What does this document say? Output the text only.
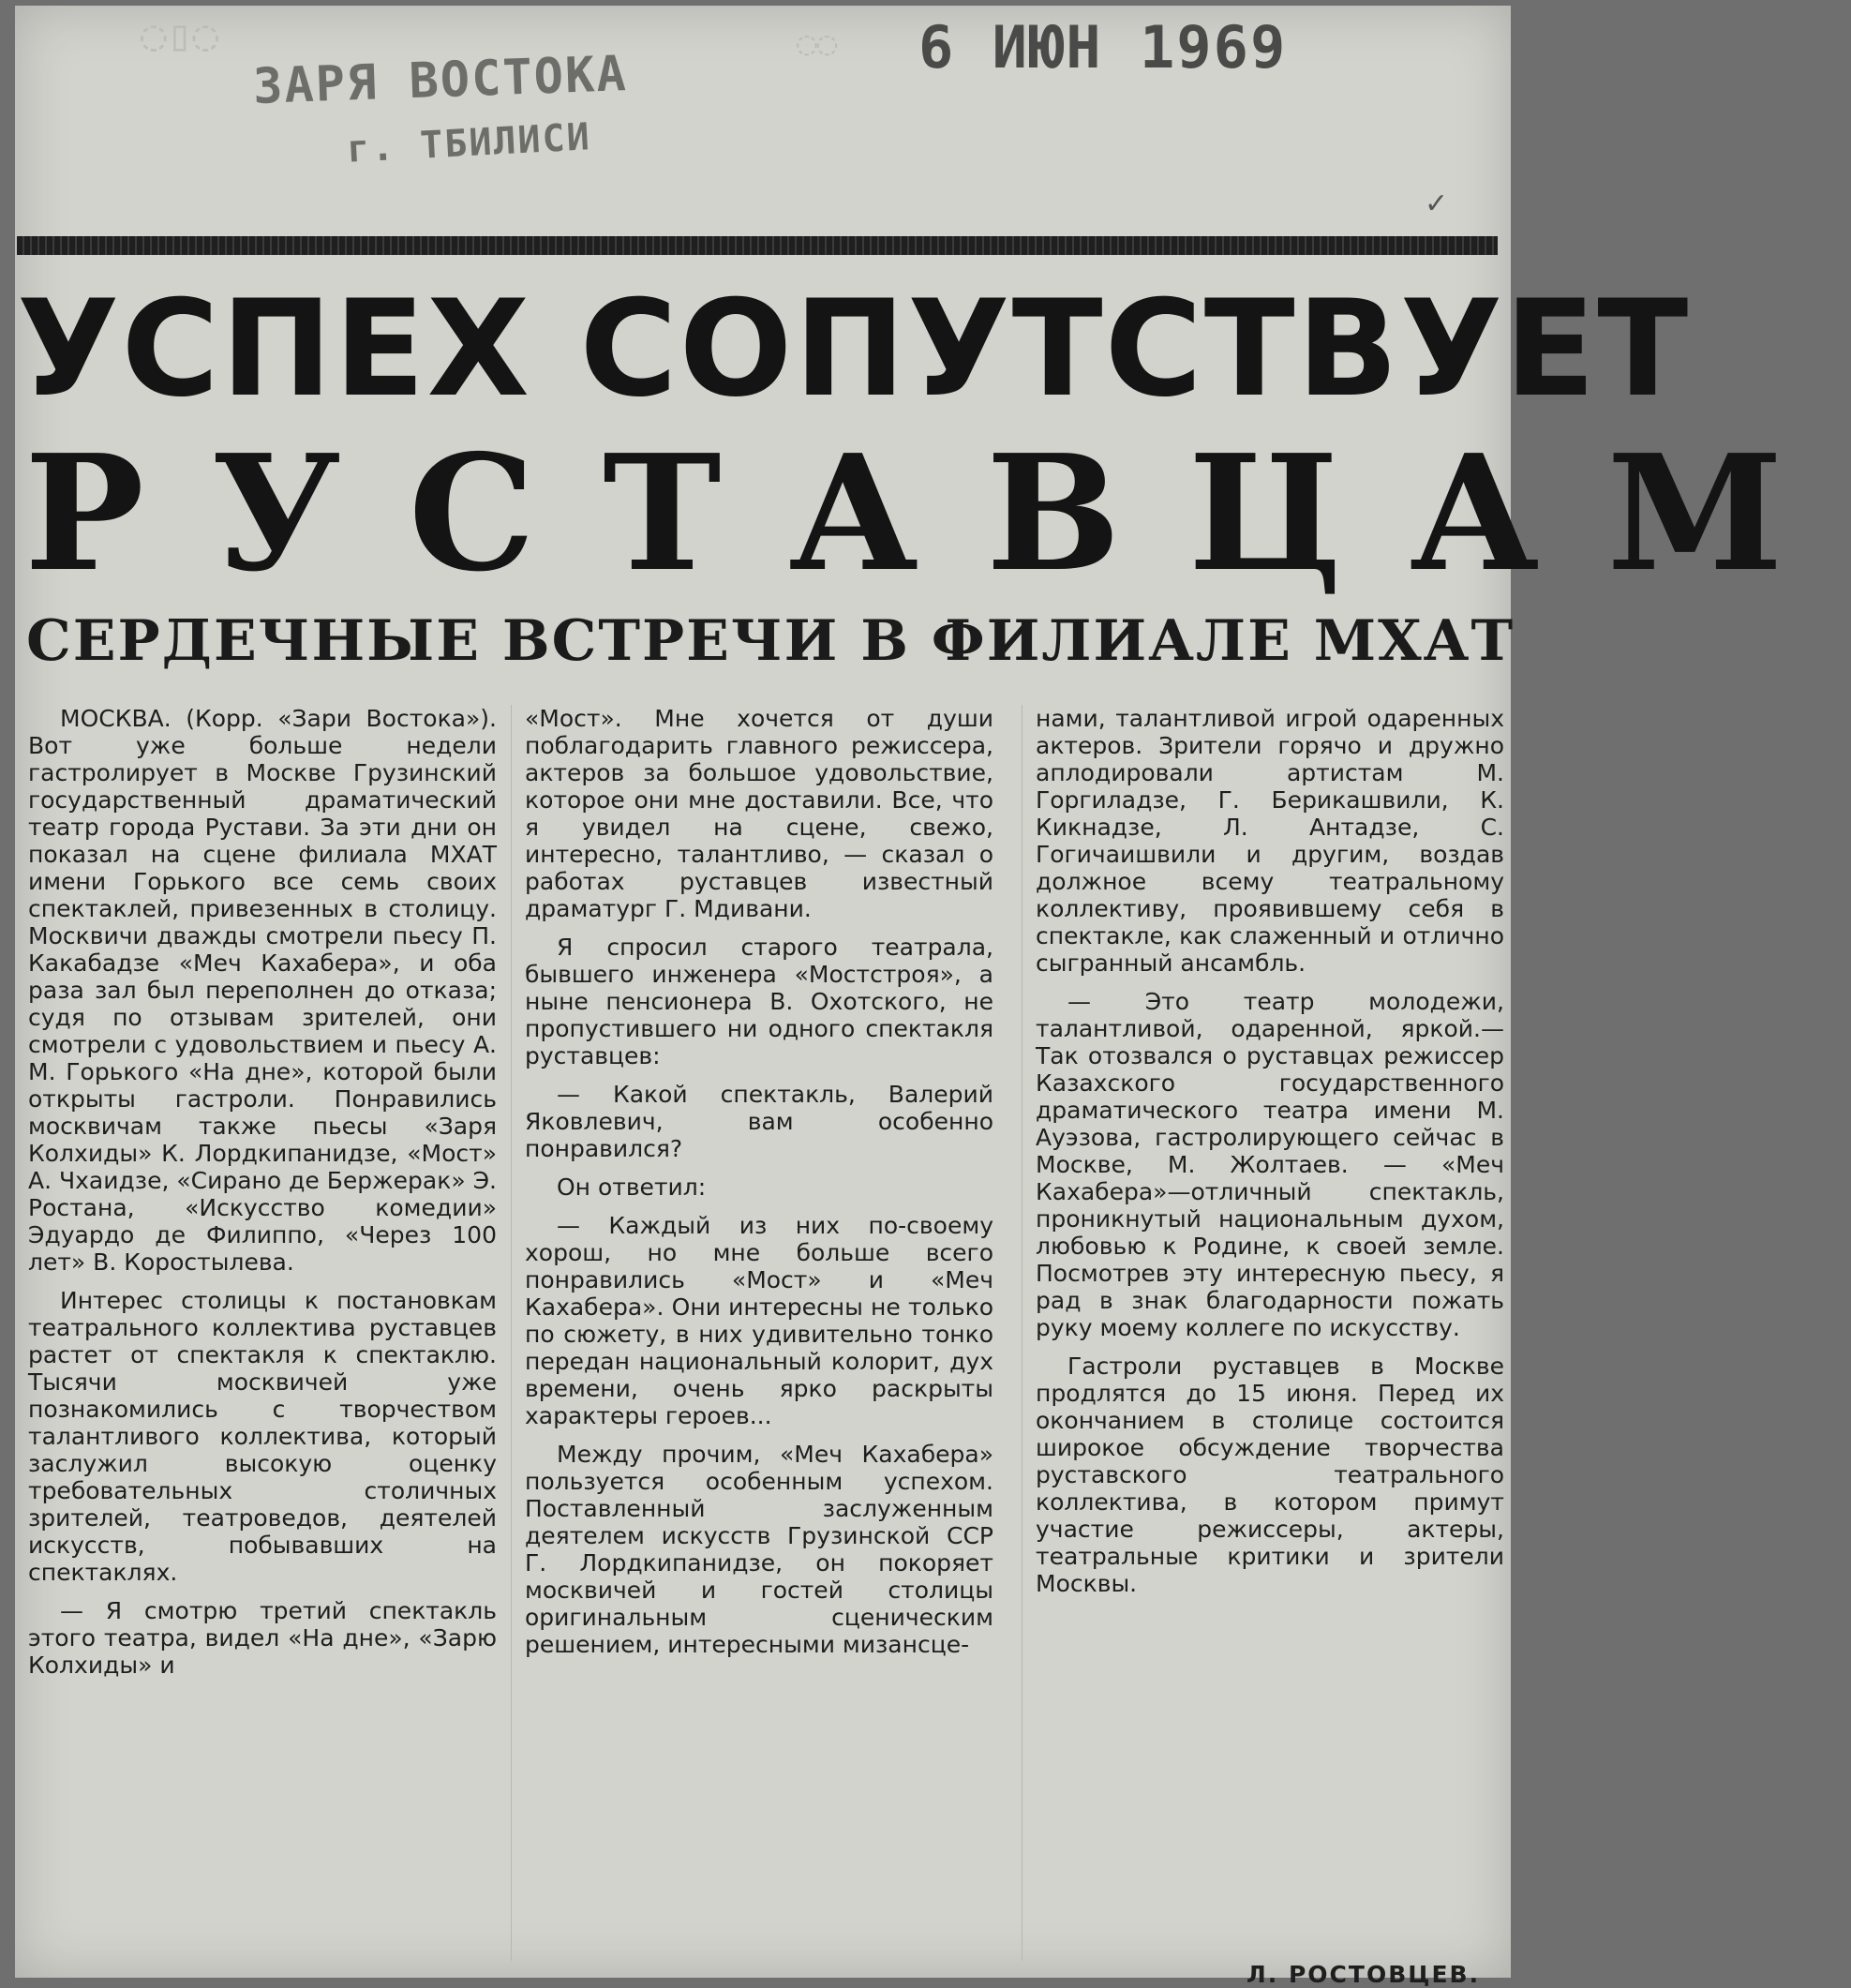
◌▯◌	◌◌
ЗАРЯ ВОСТОКА
г. ТБИЛИСИ
6 ИЮН 1969
✓
УСПЕХ СОПУТСТВУЕТ
РУСТАВЦАМ
СЕРДЕЧНЫЕ ВСТРЕЧИ В ФИЛИАЛЕ МХАТ

МОСКВА. (Корр. «Зари Востока»). Вот уже больше недели гастролирует в Москве Грузинский государственный драматический театр города Рустави. За эти дни он показал на сцене филиала МХАТ имени Горького все семь своих спектаклей, привезенных в столицу. Москвичи дважды смотрели пьесу П. Какабадзе «Меч Кахабера», и оба раза зал был переполнен до отказа; судя по отзывам зрителей, они смотрели с удовольствием и пьесу А. М. Горького «На дне», которой были открыты гастроли. Понравились москвичам также пьесы «Заря Колхиды» К. Лордкипанидзе, «Мост» А. Чхаидзе, «Сирано де Бержерак» Э. Ростана, «Искусство комедии» Эдуардо де Филиппо, «Через 100 лет» В. Коростылева.

Интерес столицы к постановкам театрального коллектива руставцев растет от спектакля к спектаклю. Тысячи москвичей уже познакомились с творчеством талантливого коллектива, который заслужил высокую оценку требовательных столичных зрителей, театроведов, деятелей искусств, побывавших на спектаклях.

— Я смотрю третий спектакль этого театра, видел «На дне», «Зарю Колхиды» и

«Мост». Мне хочется от души поблагодарить главного режиссера, актеров за большое удовольствие, которое они мне доставили. Все, что я увидел на сцене, свежо, интересно, талантливо, — сказал о работах руставцев известный драматург Г. Мдивани.

Я спросил старого театрала, бывшего инженера «Мостстроя», а ныне пенсионера В. Охотского, не пропустившего ни одного спектакля руставцев:

— Какой спектакль, Валерий Яковлевич, вам особенно понравился?

Он ответил:

— Каждый из них по-своему хорош, но мне больше всего понравились «Мост» и «Меч Кахабера». Они интересны не только по сюжету, в них удивительно тонко передан национальный колорит, дух времени, очень ярко раскрыты характеры героев...

Между прочим, «Меч Кахабера» пользуется особенным успехом. Поставленный заслуженным деятелем искусств Грузинской ССР Г. Лордкипанидзе, он покоряет москвичей и гостей столицы оригинальным сценическим решением, интересными мизансце-

нами, талантливой игрой одаренных актеров. Зрители горячо и дружно аплодировали артистам М. Горгиладзе, Г. Берикашвили, К. Кикнадзе, Л. Антадзе, С. Гогичаишвили и другим, воздав должное всему театральному коллективу, проявившему себя в спектакле, как слаженный и отлично сыгранный ансамбль.

— Это театр молодежи, талантливой, одаренной, яркой.— Так отозвался о руставцах режиссер Казахского государственного драматического театра имени М. Ауэзова, гастролирующего сейчас в Москве, М. Жолтаев. — «Меч Кахабера»—отличный спектакль, проникнутый национальным духом, любовью к Родине, к своей земле. Посмотрев эту интересную пьесу, я рад в знак благодарности пожать руку моему коллеге по искусству.

Гастроли руставцев в Москве продлятся до 15 июня. Перед их окончанием в столице состоится широкое обсуждение творчества руставского театрального коллектива, в котором примут участие режиссеры, актеры, театральные критики и зрители Москвы.

Л. РОСТОВЦЕВ.
